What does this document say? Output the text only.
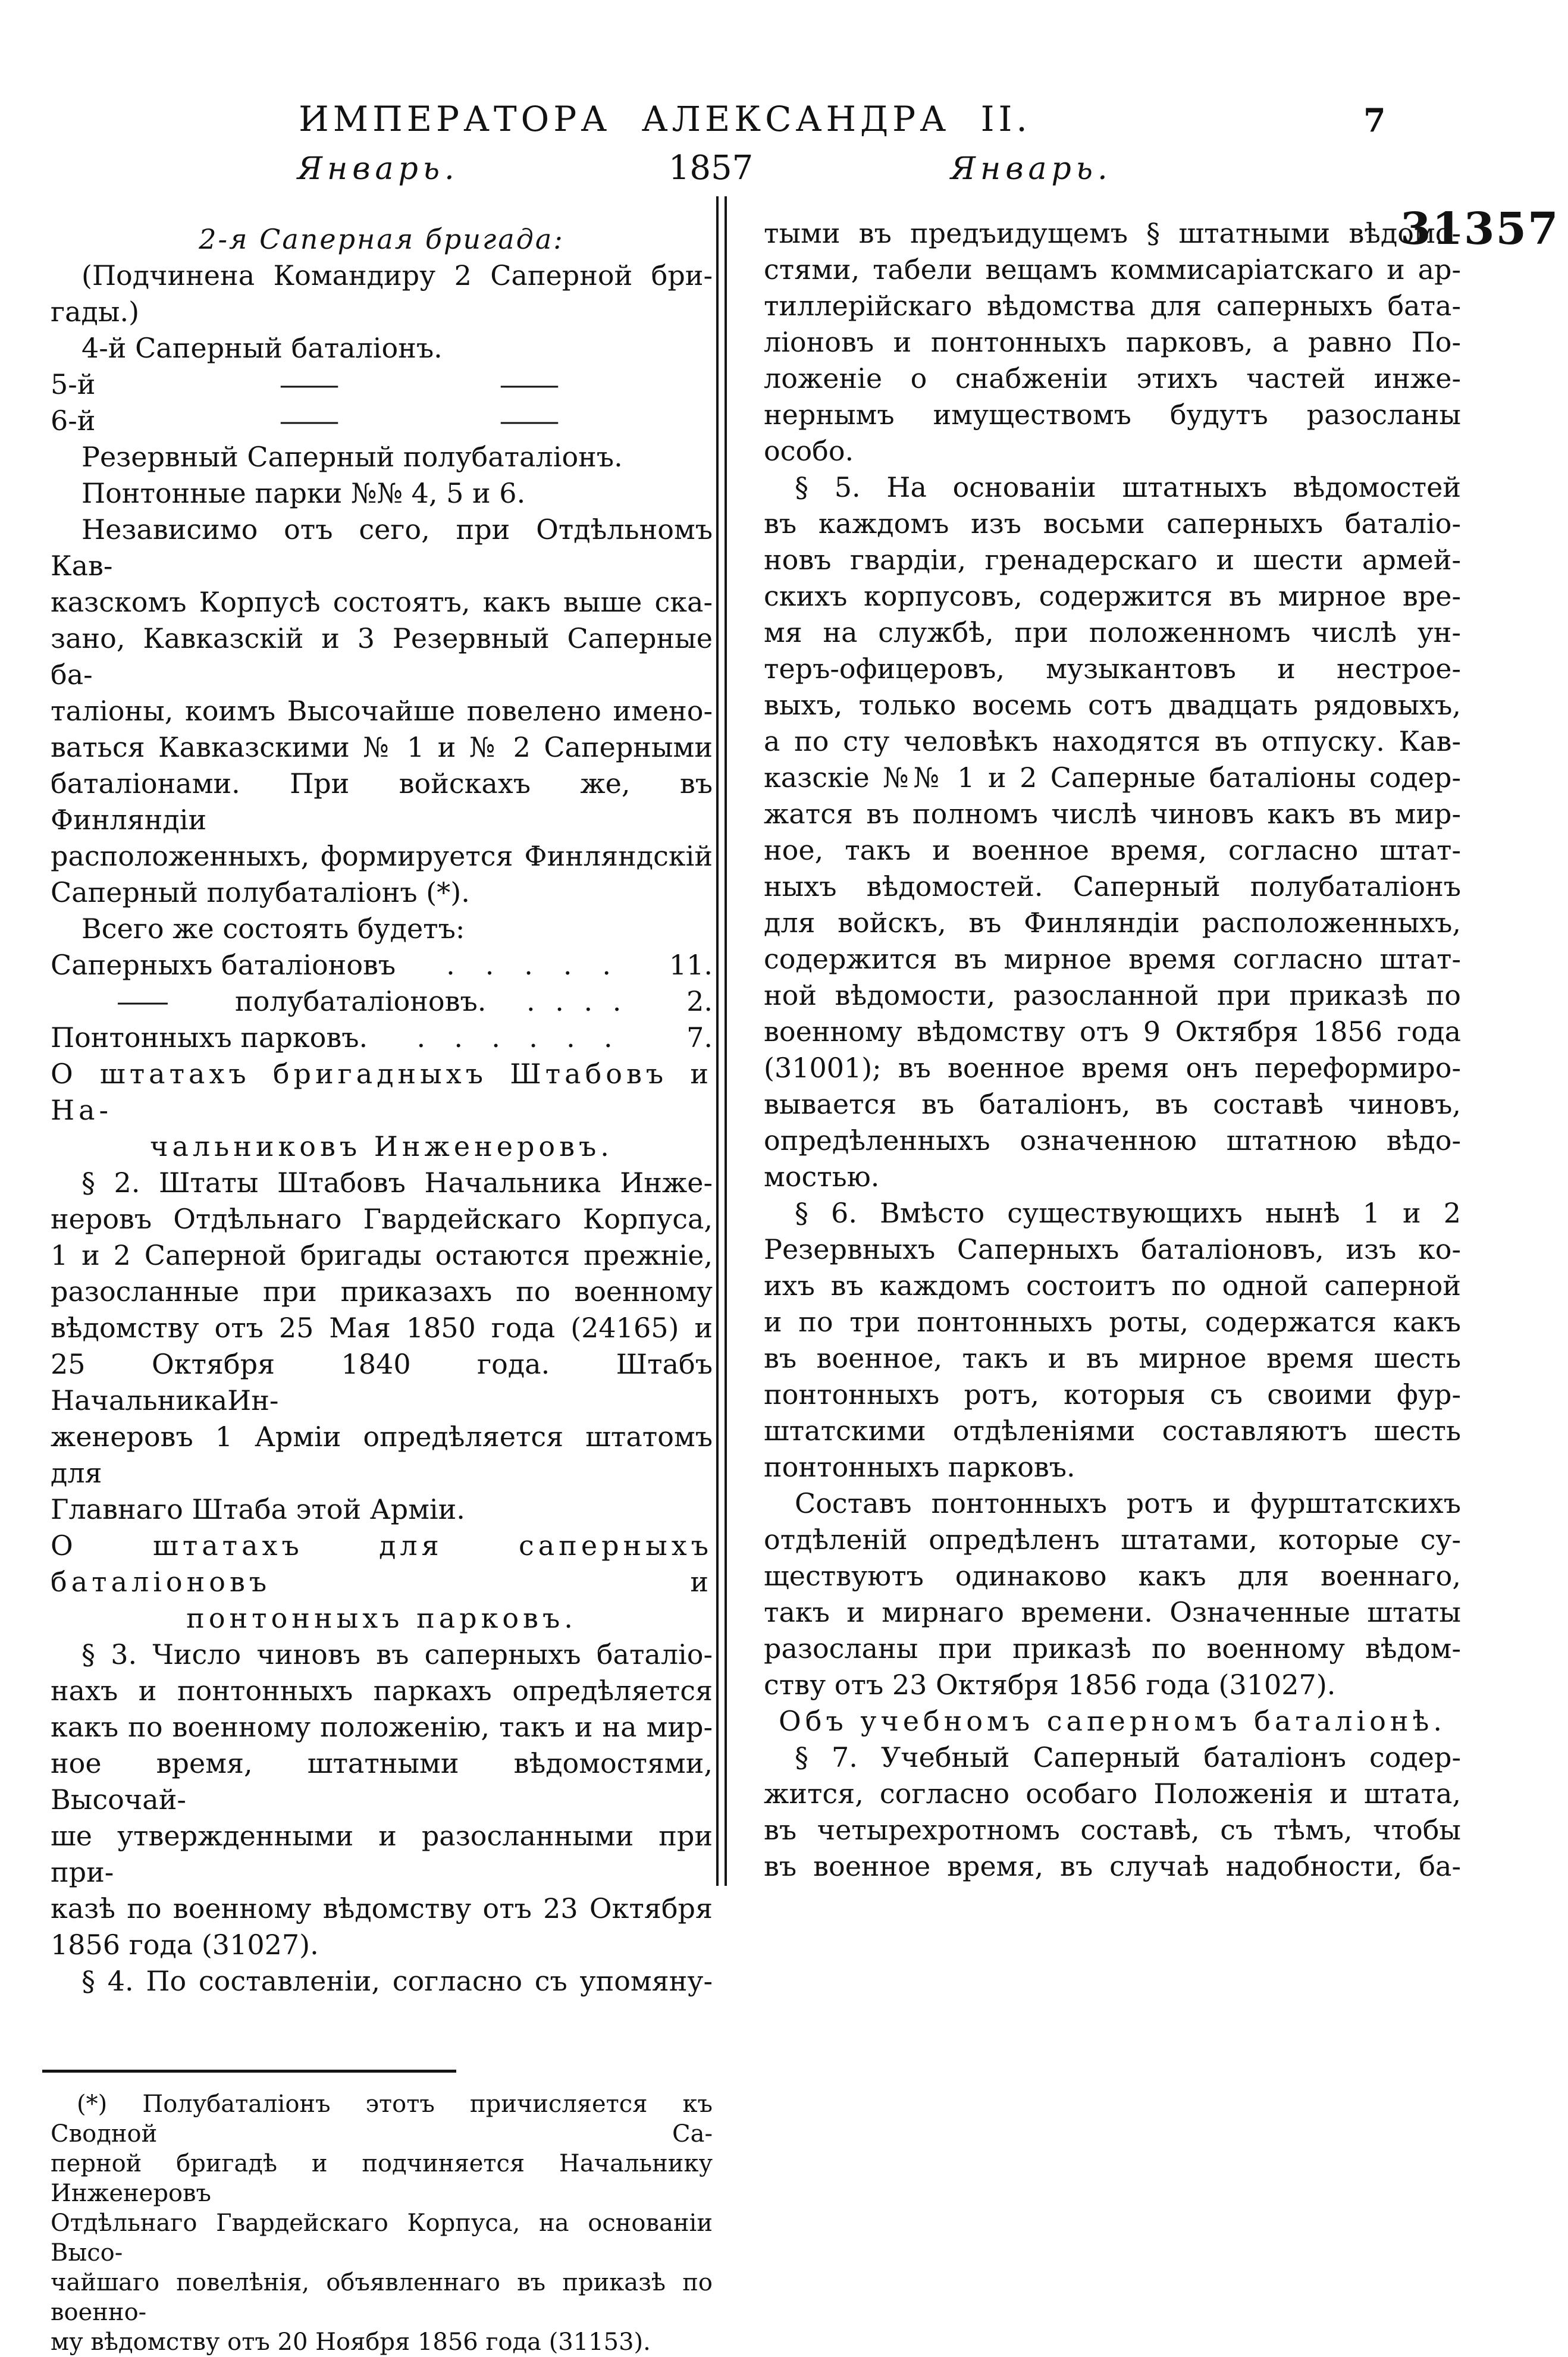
ИМПЕРАТОРА АЛЕКСАНДРА II.	7
Январь.	1857	Январь.
31357
2-я Саперная бригада:
(Подчинена Командиру 2 Саперной бри-
гады.)
4-й Саперный баталіонъ.
5-й	—	—
6-й	—	—
Резервный Саперный полубаталіонъ.
Понтонные парки №№ 4, 5 и 6.
Независимо отъ сего, при Отдѣльномъ Кав-
казскомъ Корпусѣ состоятъ, какъ выше ска-
зано, Кавказскій и 3 Резервный Саперные ба-
таліоны, коимъ Высочайше повелено имено-
ваться Кавказскими № 1 и № 2 Саперными
баталіонами. При войскахъ же, въ Финляндіи
расположенныхъ, формируется Финляндскій
Саперный полубаталіонъ (*).
Всего же состоять будетъ:
Саперныхъ баталіоновъ . . . . . 11.
—	полубаталіоновъ. . . . .	2.
Понтонныхъ парковъ. . . . . . .	7.
О штатахъ бригадныхъ Штабовъ и На-
чальниковъ Инженеровъ.
§ 2. Штаты Штабовъ Начальника Инже-
неровъ Отдѣльнаго Гвардейскаго Корпуса,
1 и 2 Саперной бригады остаются прежніе,
разосланные при приказахъ по военному
вѣдомству отъ 25 Мая 1850 года (24165) и
25 Октября 1840 года. Штабъ НачальникаИн-
женеровъ 1 Арміи опредѣляется штатомъ для
Главнаго Штаба этой Арміи.
О штатахъ для саперныхъ баталіоновъ и
понтонныхъ парковъ.
§ 3. Число чиновъ въ саперныхъ баталіо-
нахъ и понтонныхъ паркахъ опредѣляется
какъ по военному положенію, такъ и на мир-
ное время, штатными вѣдомостями, Высочай-
ше утвержденными и разосланными при при-
казѣ по военному вѣдомству отъ 23 Октября
1856 года (31027).
§ 4. По составленіи, согласно съ упомяну-
(*) Полубаталіонъ этотъ причисляется къ Сводной Са-
перной бригадѣ и подчиняется Начальнику Инженеровъ
Отдѣльнаго Гвардейскаго Корпуса, на основаніи Высо-
чайшаго повелѣнія, объявленнаго въ приказѣ по военно-
му вѣдомству отъ 20 Ноября 1856 года (31153).
тыми въ предъидущемъ § штатными вѣдомо-
стями, табели вещамъ коммисаріатскаго и ар-
тиллерійскаго вѣдомства для саперныхъ бата-
ліоновъ и понтонныхъ парковъ, а равно По-
ложеніе о снабженіи этихъ частей инже-
нернымъ имуществомъ будутъ разосланы
особо.
§ 5. На основаніи штатныхъ вѣдомостей
въ каждомъ изъ восьми саперныхъ баталіо-
новъ гвардіи, гренадерскаго и шести армей-
скихъ корпусовъ, содержится въ мирное вре-
мя на службѣ, при положенномъ числѣ ун-
теръ-офицеровъ, музыкантовъ и нестрое-
выхъ, только восемь сотъ двадцать рядовыхъ,
а по сту человѣкъ находятся въ отпуску. Кав-
казскіе №№ 1 и 2 Саперные баталіоны содер-
жатся въ полномъ числѣ чиновъ какъ въ мир-
ное, такъ и военное время, согласно штат-
ныхъ вѣдомостей. Саперный полубаталіонъ
для войскъ, въ Финляндіи расположенныхъ,
содержится въ мирное время согласно штат-
ной вѣдомости, разосланной при приказѣ по
военному вѣдомству отъ 9 Октября 1856 года
(31001); въ военное время онъ переформиро-
вывается въ баталіонъ, въ составѣ чиновъ,
опредѣленныхъ означенною штатною вѣдо-
мостью.
§ 6. Вмѣсто существующихъ нынѣ 1 и 2
Резервныхъ Саперныхъ баталіоновъ, изъ ко-
ихъ въ каждомъ состоитъ по одной саперной
и по три понтонныхъ роты, содержатся какъ
въ военное, такъ и въ мирное время шесть
понтонныхъ ротъ, которыя съ своими фур-
штатскими отдѣленіями составляютъ шесть
понтонныхъ парковъ.
Составъ понтонныхъ ротъ и фурштатскихъ
отдѣленій опредѣленъ штатами, которые су-
ществуютъ одинаково какъ для военнаго,
такъ и мирнаго времени. Означенные штаты
разосланы при приказѣ по военному вѣдом-
ству отъ 23 Октября 1856 года (31027).
Объ учебномъ саперномъ баталіонѣ.
§ 7. Учебный Саперный баталіонъ содер-
жится, согласно особаго Положенія и штата,
въ четырехротномъ составѣ, съ тѣмъ, чтобы
въ военное время, въ случаѣ надобности, ба-
